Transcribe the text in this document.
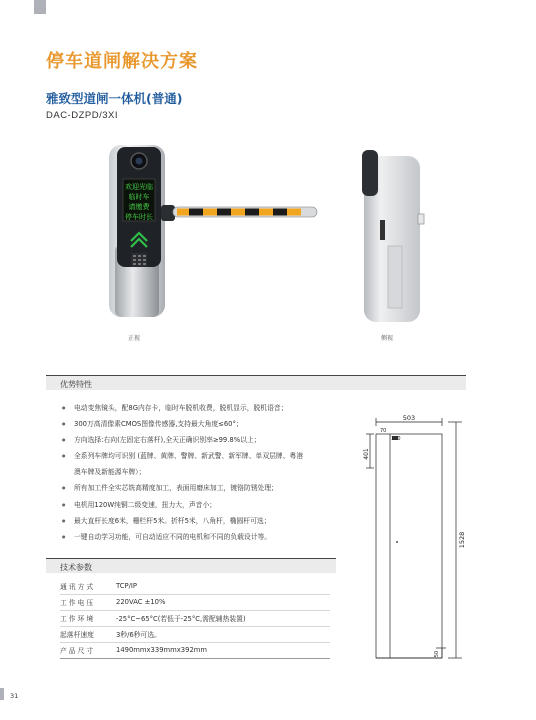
停车道闸解决方案
雅致型道闸一体机(普通)
DAC-DZPD/3XI
欢迎光临
临时车
请缴费
停车时长
正视	侧视
优势特性
● 电动变焦镜头，配8G内存卡，临时车脱机收费，脱机显示，脱机语音；
● 300万高清像素CMOS图像传感器,支持最大角度≤60°；
● 方向选择:右向(左固定右落杆),全天正确识别率≥99.8%以上；
● 全系列车牌均可识别 (蓝牌、黄牌、警牌、新武警、新军牌、单双层牌、粤港
澳车牌及新能源车牌）；
● 所有加工件全实芯铣高精度加工，表面用磨床加工，镀铬防锈处理；
● 电机用120W纯铜二级变速，扭力大，声音小；
● 最大直杆长度6米，栅栏杆5米。折杆5米，八角杆，椭圆杆可选；
● 一键自动学习功能，可自动适应不同的电机和不同的负载设计等。
技术参数
通讯方式	TCP/IP
工作电压	220VAC ±10%
工作环境	-25°C~65°C(若低于-25°C,需配辅热装置)
起落杆速度	3秒/6秒可选。
产品尺寸	1490mmx339mmx392mm
503
70
120
401
1528
50
31
